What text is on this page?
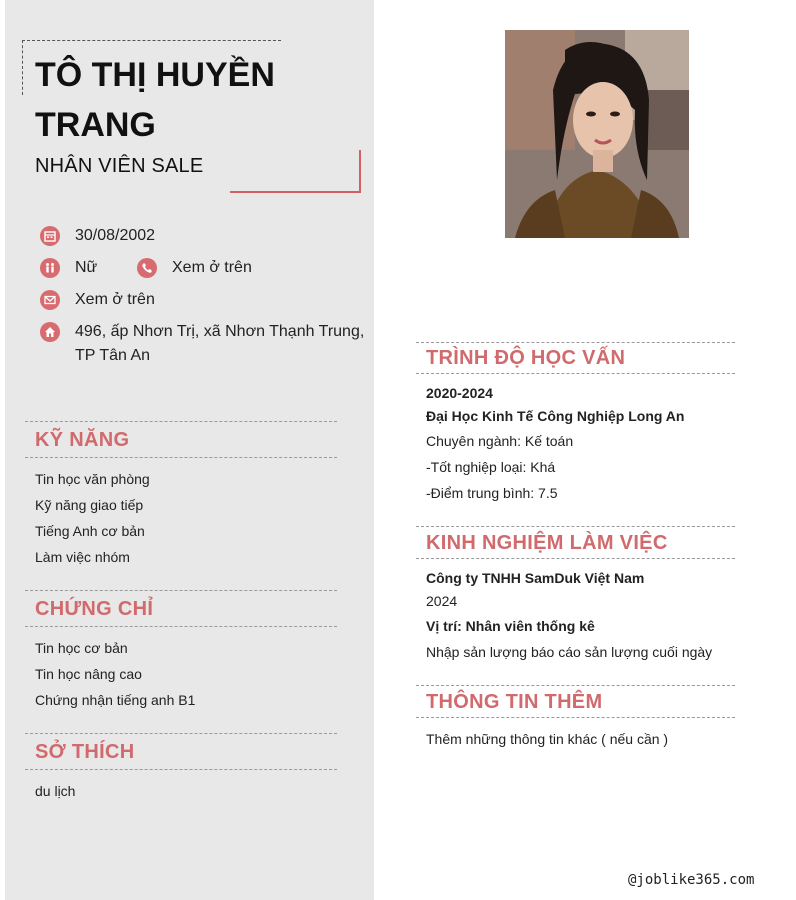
TÔ THỊ HUYỀN
TRANG
NHÂN VIÊN SALE
30/08/2002
Nữ	Xem ở trên
Xem ở trên
496, ấp Nhơn Trị, xã Nhơn Thạnh Trung,
TP Tân An
KỸ NĂNG
Tin học văn phòng
Kỹ năng giao tiếp
Tiếng Anh cơ bản
Làm việc nhóm
CHỨNG CHỈ
Tin học cơ bản
Tin học nâng cao
Chứng nhận tiếng anh B1
SỞ THÍCH
du lịch
TRÌNH ĐỘ HỌC VẤN
2020-2024
Đại Học Kinh Tế Công Nghiệp Long An
Chuyên ngành: Kế toán
-Tốt nghiệp loại: Khá
-Điểm trung bình: 7.5
KINH NGHIỆM LÀM VIỆC
Công ty TNHH SamDuk Việt Nam
2024
Vị trí: Nhân viên thống kê
Nhập sản lượng báo cáo sản lượng cuối ngày
THÔNG TIN THÊM
Thêm những thông tin khác ( nếu cần )
@joblike365.com
